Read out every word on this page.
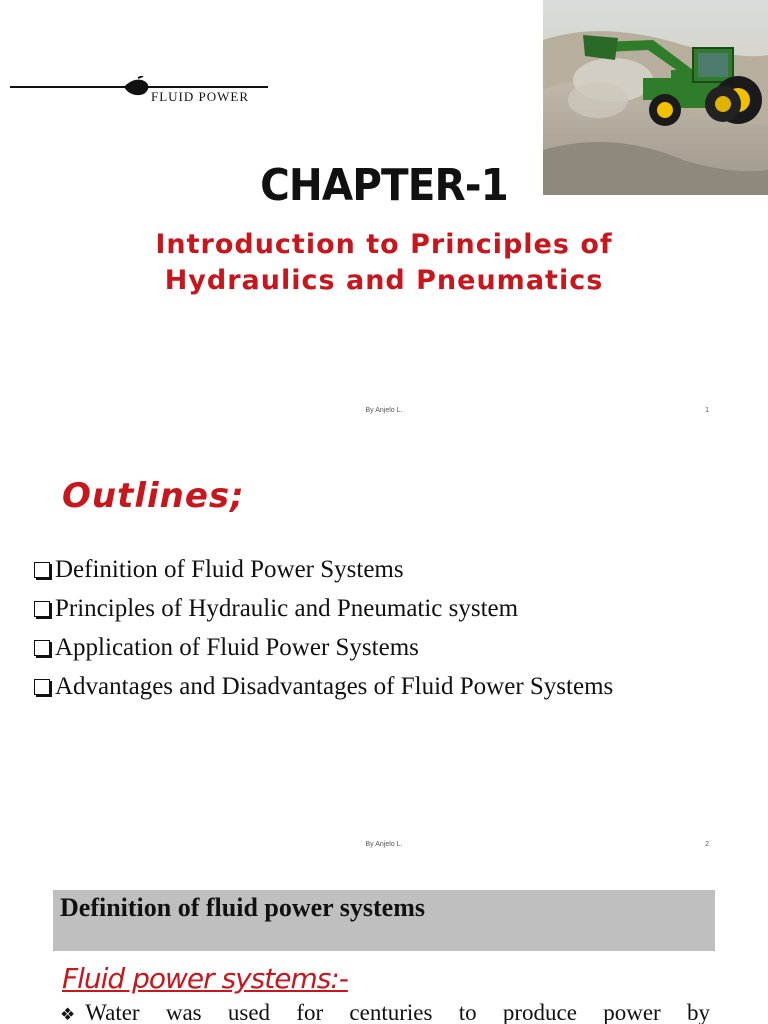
FLUID POWER
CHAPTER-1
Introduction to Principles of
Hydraulics and Pneumatics
By Anjelo L.	1
Outlines;
Definition of Fluid Power Systems
Principles of Hydraulic and Pneumatic system
Application of Fluid Power Systems
Advantages and Disadvantages of Fluid Power Systems
By Anjelo L.	2
Definition of fluid power systems
Fluid power systems:-
❖ Water was used for centuries to produce power by
